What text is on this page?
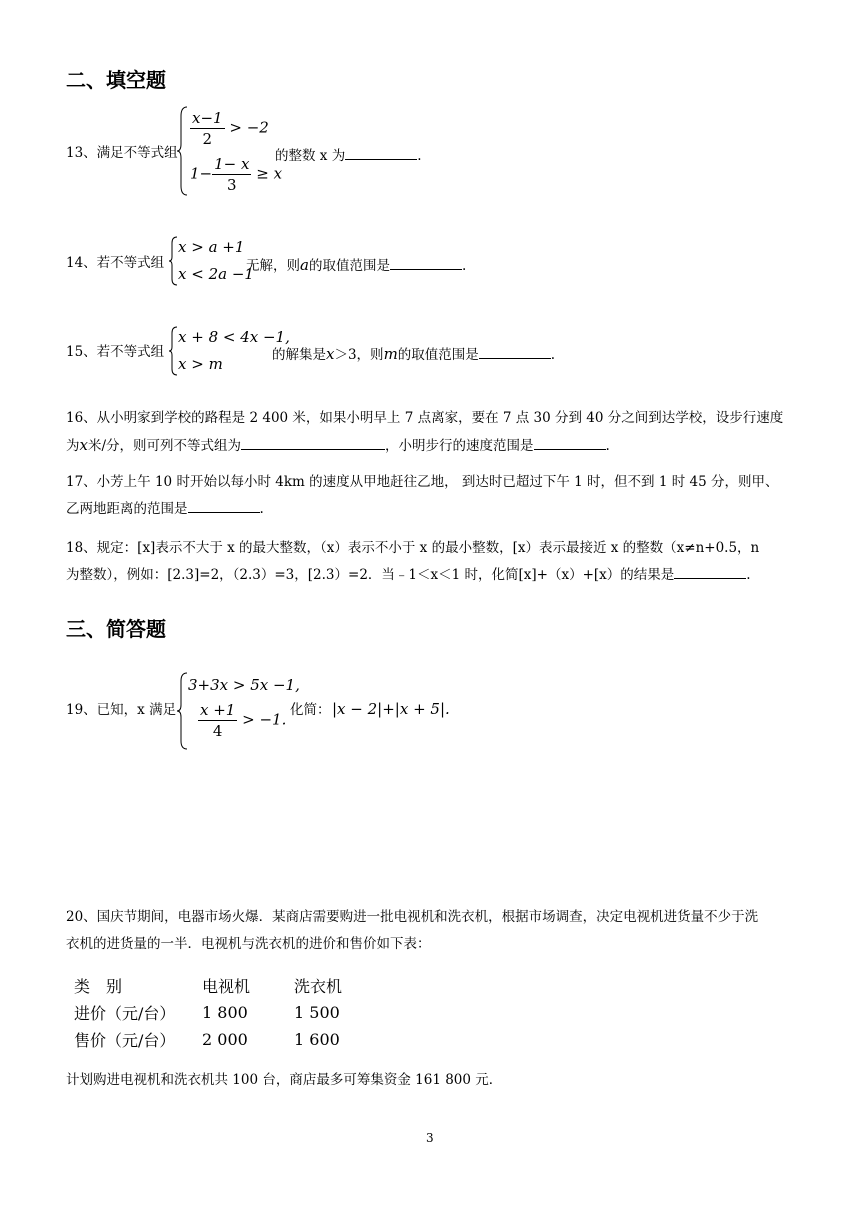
二、填空题
13、满足不等式组
$\frac{x-1}{2} > -2$
$1- \frac{1- x}{3} \ge x$
的整数 x 为	.
14、若不等式组
x > a +1
x < 2a −1
无解，则a的取值范围是	.
15、若不等式组
x + 8 < 4x −1,
x > m	的解集是x＞3，则m的取值范围是	.
16、从小明家到学校的路程是 2 400 米，如果小明早上 7 点离家，要在 7 点 30 分到 40 分之间到达学校，设步行速度
为x米/分，则可列不等式组为	，小明步行的速度范围是	.
17、小芳上午 10 时开始以每小时 4km 的速度从甲地赶往乙地， 到达时已超过下午 1 时，但不到 1 时 45 分，则甲、
乙两地距离的范围是	.
18、规定：[x]表示不大于 x 的最大整数，（x）表示不小于 x 的最小整数，[x）表示最接近 x 的整数（x≠n+0.5，n
为整数），例如：[2.3]=2，（2.3）=3，[2.3）=2．当﹣1＜x＜1 时，化简[x]+（x）+[x）的结果是	.
三、简答题
19、已知，x 满足
3+3x > 5x −1,
$\frac{x +1}{4} > -1$.
化简： |x − 2|+|x + 5|.
20、国庆节期间，电器市场火爆．某商店需要购进一批电视机和洗衣机，根据市场调查，决定电视机进货量不少于洗
衣机的进货量的一半．电视机与洗衣机的进价和售价如下表：
类　别	电视机	洗衣机
进价（元/台）	1 800	1 500
售价（元/台）	2 000	1 600
计划购进电视机和洗衣机共 100 台，商店最多可筹集资金 161 800 元．
3
